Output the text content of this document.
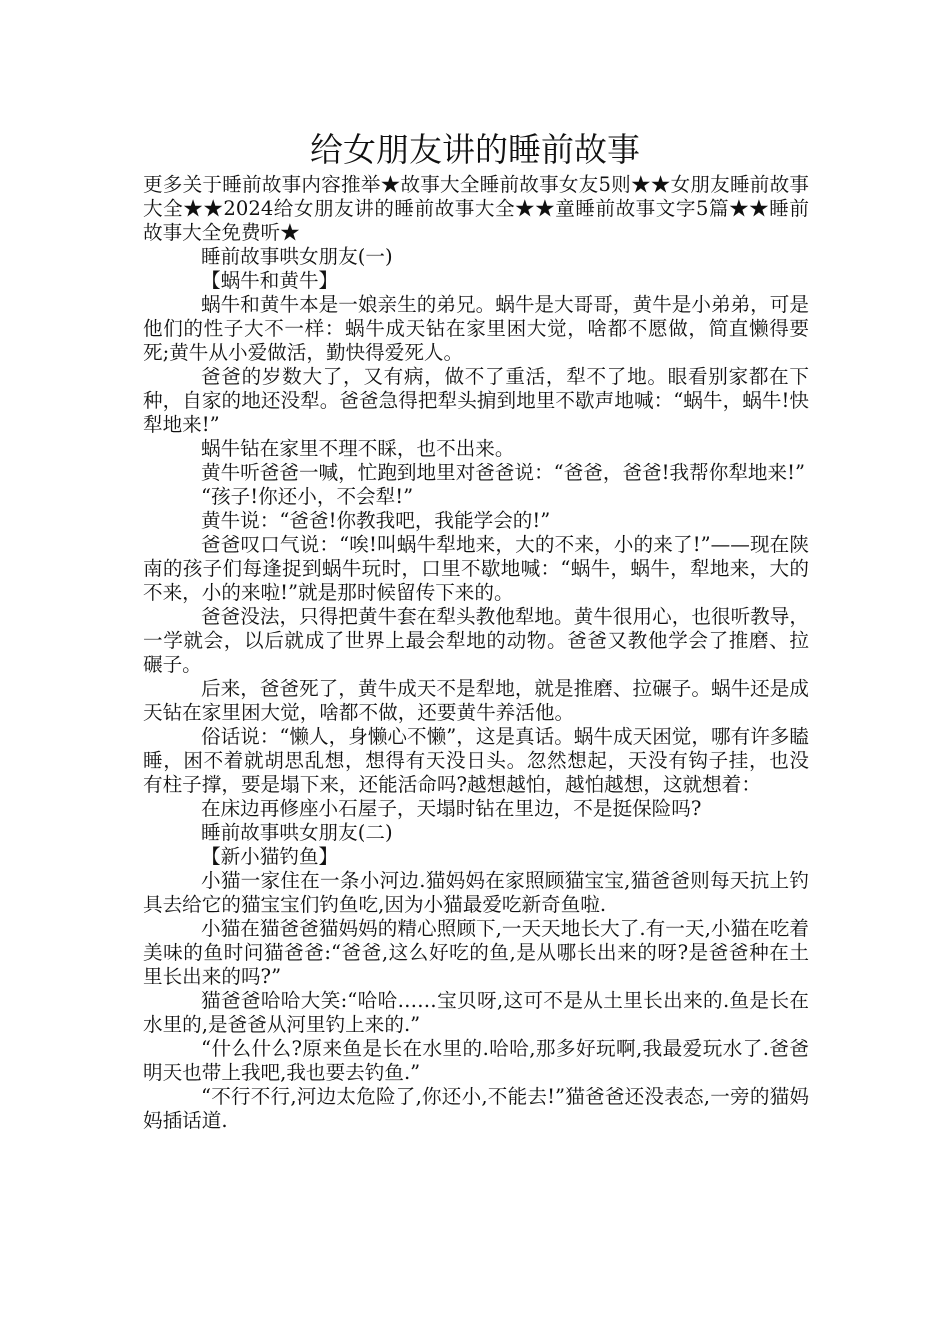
给女朋友讲的睡前故事

更多关于睡前故事内容推举★故事大全睡前故事女友5则★★女朋友睡前故事大全★★2024给女朋友讲的睡前故事大全★★童睡前故事文字5篇★★睡前故事大全免费听★

睡前故事哄女朋友(一)

【蜗牛和黄牛】

蜗牛和黄牛本是一娘亲生的弟兄。蜗牛是大哥哥，黄牛是小弟弟，可是他们的性子大不一样：蜗牛成天钻在家里困大觉，啥都不愿做，简直懒得要死;黄牛从小爱做活，勤快得爱死人。

爸爸的岁数大了，又有病，做不了重活，犁不了地。眼看别家都在下种，自家的地还没犁。爸爸急得把犁头掮到地里不歇声地喊：“蜗牛，蜗牛!快犁地来!”

蜗牛钻在家里不理不睬，也不出来。

黄牛听爸爸一喊，忙跑到地里对爸爸说：“爸爸，爸爸!我帮你犁地来!”

“孩子!你还小，不会犁!”

黄牛说：“爸爸!你教我吧，我能学会的!”

爸爸叹口气说：“唉!叫蜗牛犁地来，大的不来，小的来了!”——现在陕南的孩子们每逢捉到蜗牛玩时，口里不歇地喊：“蜗牛，蜗牛，犁地来，大的不来，小的来啦!”就是那时候留传下来的。

爸爸没法，只得把黄牛套在犁头教他犁地。黄牛很用心，也很听教导，一学就会，以后就成了世界上最会犁地的动物。爸爸又教他学会了推磨、拉碾子。

后来，爸爸死了，黄牛成天不是犁地，就是推磨、拉碾子。蜗牛还是成天钻在家里困大觉，啥都不做，还要黄牛养活他。

俗话说：“懒人，身懒心不懒”，这是真话。蜗牛成天困觉，哪有许多瞌睡，困不着就胡思乱想，想得有天没日头。忽然想起，天没有钩子挂，也没有柱子撑，要是塌下来，还能活命吗?越想越怕，越怕越想，这就想着：

在床边再修座小石屋子，天塌时钻在里边，不是挺保险吗?

睡前故事哄女朋友(二)

【新小猫钓鱼】

小猫一家住在一条小河边.猫妈妈在家照顾猫宝宝,猫爸爸则每天抗上钓具去给它的猫宝宝们钓鱼吃,因为小猫最爱吃新奇鱼啦.

小猫在猫爸爸猫妈妈的精心照顾下,一天天地长大了.有一天,小猫在吃着美味的鱼时问猫爸爸:“爸爸,这么好吃的鱼,是从哪长出来的呀?是爸爸种在土里长出来的吗?”

猫爸爸哈哈大笑:“哈哈……宝贝呀,这可不是从土里长出来的.鱼是长在水里的,是爸爸从河里钓上来的.”

“什么什么?原来鱼是长在水里的.哈哈,那多好玩啊,我最爱玩水了.爸爸明天也带上我吧,我也要去钓鱼.”

“不行不行,河边太危险了,你还小,不能去!”猫爸爸还没表态,一旁的猫妈妈插话道.
